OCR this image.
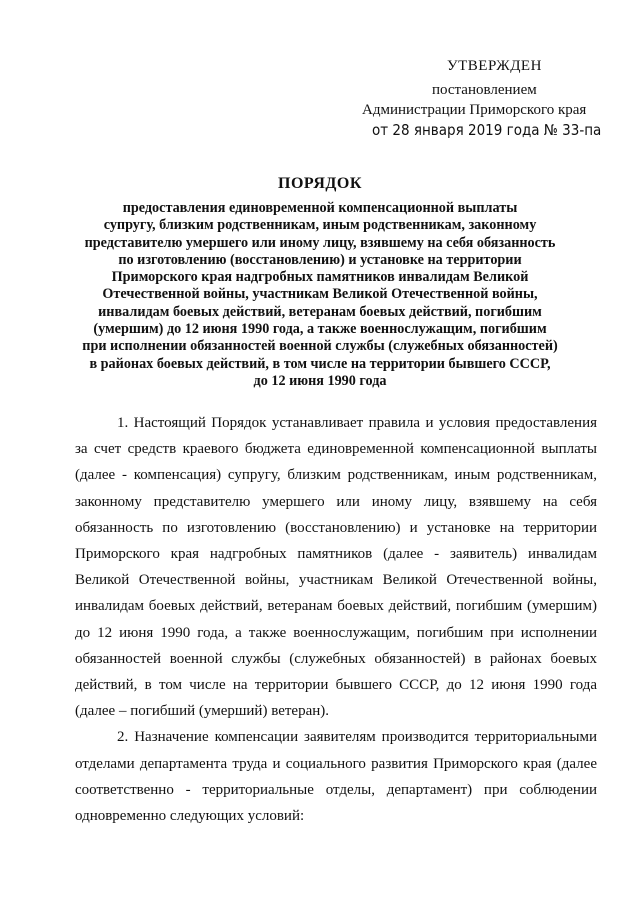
УТВЕРЖДЕН
постановлением
Администрации Приморского края
от 28 января 2019 года № 33-па
ПОРЯДОК
предоставления единовременной компенсационной выплаты
супругу, близким родственникам, иным родственникам, законному
представителю умершего или иному лицу, взявшему на себя обязанность
по изготовлению (восстановлению) и установке на территории
Приморского края надгробных памятников инвалидам Великой
Отечественной войны, участникам Великой Отечественной войны,
инвалидам боевых действий, ветеранам боевых действий, погибшим
(умершим) до 12 июня 1990 года, а также военнослужащим, погибшим
при исполнении обязанностей военной службы (служебных обязанностей)
в районах боевых действий, в том числе на территории бывшего СССР,
до 12 июня 1990 года
1. Настоящий Порядок устанавливает правила и условия предоставления
за счет средств краевого бюджета единовременной компенсационной выплаты
(далее - компенсация) супругу, близким родственникам, иным родственникам,
законному представителю умершего или иному лицу, взявшему на себя
обязанность по изготовлению (восстановлению) и установке на территории
Приморского края надгробных памятников (далее - заявитель) инвалидам
Великой Отечественной войны, участникам Великой Отечественной войны,
инвалидам боевых действий, ветеранам боевых действий, погибшим (умершим)
до 12 июня 1990 года, а также военнослужащим, погибшим при исполнении
обязанностей военной службы (служебных обязанностей) в районах боевых
действий, в том числе на территории бывшего СССР, до 12 июня 1990 года
(далее – погибший (умерший) ветеран).
2. Назначение компенсации заявителям производится территориальными
отделами департамента труда и социального развития Приморского края (далее
соответственно - территориальные отделы, департамент) при соблюдении
одновременно следующих условий:
